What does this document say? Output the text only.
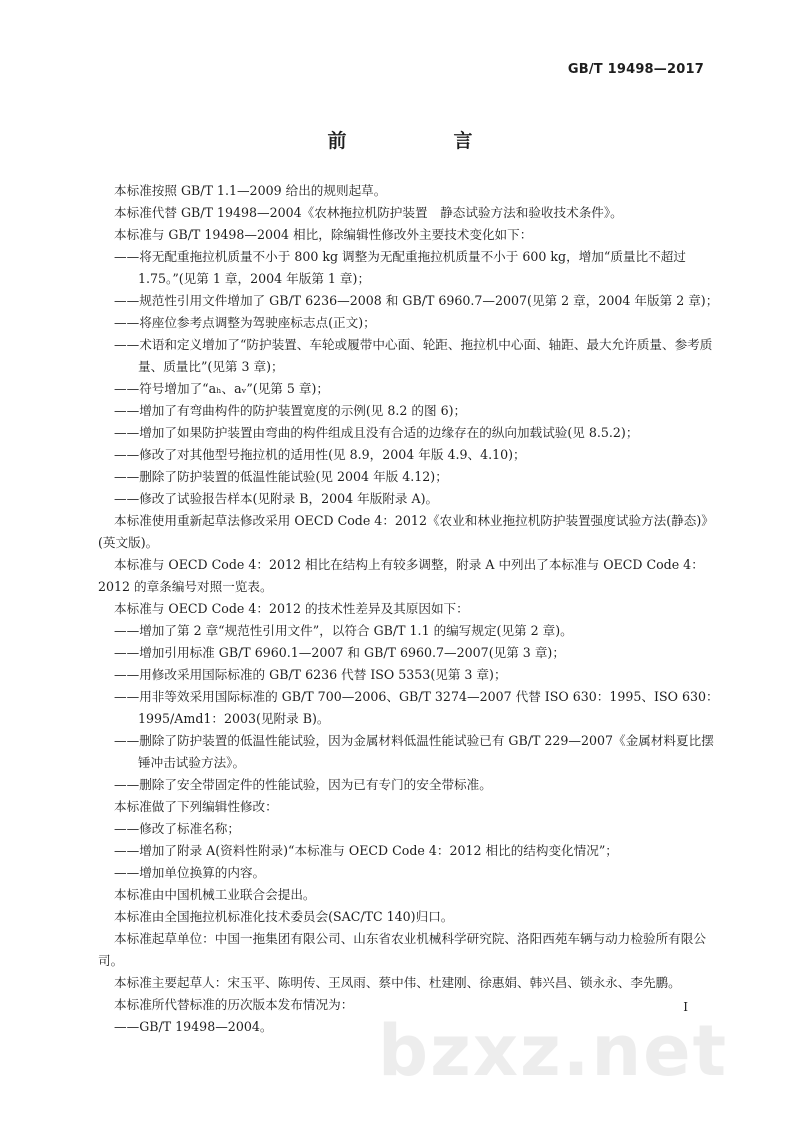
GB/T 19498—2017
前　言

本标准按照 GB/T 1.1—2009 给出的规则起草。

本标准代替 GB/T 19498—2004《农林拖拉机防护装置　静态试验方法和验收技术条件》。

本标准与 GB/T 19498—2004 相比，除编辑性修改外主要技术变化如下：

——将无配重拖拉机质量不小于 800 kg 调整为无配重拖拉机质量不小于 600 kg，增加“质量比不超过 1.75。”(见第 1 章，2004 年版第 1 章)；

——规范性引用文件增加了 GB/T 6236—2008 和 GB/T 6960.7—2007(见第 2 章，2004 年版第 2 章)；

——将座位参考点调整为驾驶座标志点(正文)；

——术语和定义增加了“防护装置、车轮或履带中心面、轮距、拖拉机中心面、轴距、最大允许质量、参考质量、质量比”(见第 3 章)；

——符号增加了“aₕ、aᵥ”(见第 5 章)；

——增加了有弯曲构件的防护装置宽度的示例(见 8.2 的图 6)；

——增加了如果防护装置由弯曲的构件组成且没有合适的边缘存在的纵向加载试验(见 8.5.2)；

——修改了对其他型号拖拉机的适用性(见 8.9，2004 年版 4.9、4.10)；

——删除了防护装置的低温性能试验(见 2004 年版 4.12)；

——修改了试验报告样本(见附录 B，2004 年版附录 A)。

本标准使用重新起草法修改采用 OECD Code 4：2012《农业和林业拖拉机防护装置强度试验方法(静态)》(英文版)。

本标准与 OECD Code 4：2012 相比在结构上有较多调整，附录 A 中列出了本标准与 OECD Code 4：2012 的章条编号对照一览表。

本标准与 OECD Code 4：2012 的技术性差异及其原因如下：

——增加了第 2 章“规范性引用文件”，以符合 GB/T 1.1 的编写规定(见第 2 章)。

——增加引用标准 GB/T 6960.1—2007 和 GB/T 6960.7—2007(见第 3 章)；

——用修改采用国际标准的 GB/T 6236 代替 ISO 5353(见第 3 章)；

——用非等效采用国际标准的 GB/T 700—2006、GB/T 3274—2007 代替 ISO 630：1995、ISO 630：1995/Amd1：2003(见附录 B)。

——删除了防护装置的低温性能试验，因为金属材料低温性能试验已有 GB/T 229—2007《金属材料夏比摆锤冲击试验方法》。

——删除了安全带固定件的性能试验，因为已有专门的安全带标准。

本标准做了下列编辑性修改：

——修改了标准名称；

——增加了附录 A(资料性附录)“本标准与 OECD Code 4：2012 相比的结构变化情况”；

——增加单位换算的内容。

本标准由中国机械工业联合会提出。

本标准由全国拖拉机标准化技术委员会(SAC/TC 140)归口。

本标准起草单位：中国一拖集团有限公司、山东省农业机械科学研究院、洛阳西苑车辆与动力检验所有限公司。

本标准主要起草人：宋玉平、陈明传、王凤雨、蔡中伟、杜建刚、徐惠娟、韩兴昌、锁永永、李先鹏。

本标准所代替标准的历次版本发布情况为：

——GB/T 19498—2004。

I
bzxz.net
